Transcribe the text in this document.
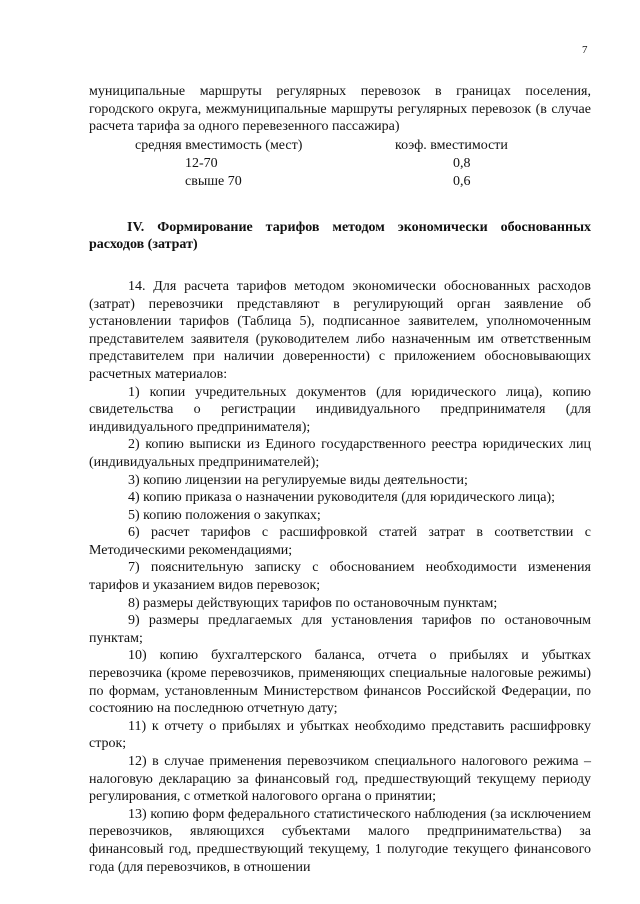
7
муниципальные маршруты регулярных перевозок в границах поселения, городского округа, межмуниципальные маршруты регулярных перевозок (в случае расчета тарифа за одного перевезенного пассажира)
средняя вместимость (мест)	коэф. вместимости
12-70	0,8
свыше 70	0,6
IV. Формирование тарифов методом экономически обоснованных расходов (затрат)

14. Для расчета тарифов методом экономически обоснованных расходов (затрат) перевозчики представляют в регулирующий орган заявление об установлении тарифов (Таблица 5), подписанное заявителем, уполномоченным представителем заявителя (руководителем либо назначенным им ответственным представителем при наличии доверенности) с приложением обосновывающих расчетных материалов:

1) копии учредительных документов (для юридического лица), копию свидетельства о регистрации индивидуального предпринимателя (для индивидуального предпринимателя);

2) копию выписки из Единого государственного реестра юридических лиц (индивидуальных предпринимателей);

3) копию лицензии на регулируемые виды деятельности;

4) копию приказа о назначении руководителя (для юридического лица);

5) копию положения о закупках;

6) расчет тарифов с расшифровкой статей затрат в соответствии с Методическими рекомендациями;

7) пояснительную записку с обоснованием необходимости изменения тарифов и указанием видов перевозок;

8) размеры действующих тарифов по остановочным пунктам;

9) размеры предлагаемых для установления тарифов по остановочным пунктам;

10) копию бухгалтерского баланса, отчета о прибылях и убытках перевозчика (кроме перевозчиков, применяющих специальные налоговые режимы) по формам, установленным Министерством финансов Российской Федерации, по состоянию на последнюю отчетную дату;

11) к отчету о прибылях и убытках необходимо представить расшифровку строк;

12) в случае применения перевозчиком специального налогового режима – налоговую декларацию за финансовый год, предшествующий текущему периоду регулирования, с отметкой налогового органа о принятии;

13) копию форм федерального статистического наблюдения (за исключением перевозчиков, являющихся субъектами малого предпринимательства) за финансовый год, предшествующий текущему, 1 полугодие текущего финансового года (для перевозчиков, в отношении
